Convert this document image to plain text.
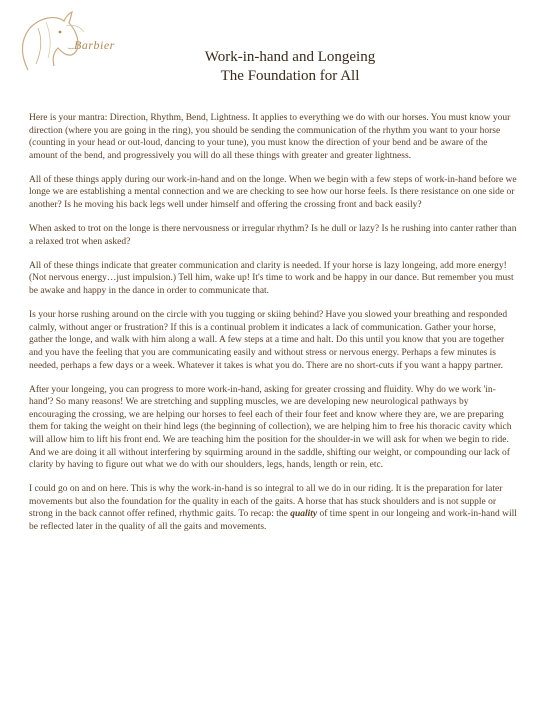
Barbier
Work-in-hand and Longeing
The Foundation for All

Here is your mantra: Direction, Rhythm, Bend, Lightness. It applies to everything we do with our horses. You must know your direction (where you are going in the ring), you should be sending the communication of the rhythm you want to your horse (counting in your head or out-loud, dancing to your tune), you must know the direction of your bend and be aware of the amount of the bend, and progressively you will do all these things with greater and greater lightness.

All of these things apply during our work-in-hand and on the longe. When we begin with a few steps of work-in-hand before we longe we are establishing a mental connection and we are checking to see how our horse feels. Is there resistance on one side or another? Is he moving his back legs well under himself and offering the crossing front and back easily?

When asked to trot on the longe is there nervousness or irregular rhythm? Is he dull or lazy? Is he rushing into canter rather than a relaxed trot when asked?

All of these things indicate that greater communication and clarity is needed. If your horse is lazy longeing, add more energy! (Not nervous energy…just impulsion.) Tell him, wake up! It's time to work and be happy in our dance. But remember you must be awake and happy in the dance in order to communicate that.

Is your horse rushing around on the circle with you tugging or skiing behind? Have you slowed your breathing and responded calmly, without anger or frustration? If this is a continual problem it indicates a lack of communication. Gather your horse, gather the longe, and walk with him along a wall. A few steps at a time and halt. Do this until you know that you are together and you have the feeling that you are communicating easily and without stress or nervous energy. Perhaps a few minutes is needed, perhaps a few days or a week. Whatever it takes is what you do. There are no short-cuts if you want a happy partner.

After your longeing, you can progress to more work-in-hand, asking for greater crossing and fluidity. Why do we work 'in-hand'? So many reasons! We are stretching and suppling muscles, we are developing new neurological pathways by encouraging the crossing, we are helping our horses to feel each of their four feet and know where they are, we are preparing them for taking the weight on their hind legs (the beginning of collection), we are helping him to free his thoracic cavity which will allow him to lift his front end. We are teaching him the position for the shoulder-in we will ask for when we begin to ride. And we are doing it all without interfering by squirming around in the saddle, shifting our weight, or compounding our lack of clarity by having to figure out what we do with our shoulders, legs, hands, length or rein, etc.

I could go on and on here. This is why the work-in-hand is so integral to all we do in our riding. It is the preparation for later movements but also the foundation for the quality in each of the gaits. A horse that has stuck shoulders and is not supple or strong in the back cannot offer refined, rhythmic gaits. To recap: the quality of time spent in our longeing and work-in-hand will be reflected later in the quality of all the gaits and movements.
